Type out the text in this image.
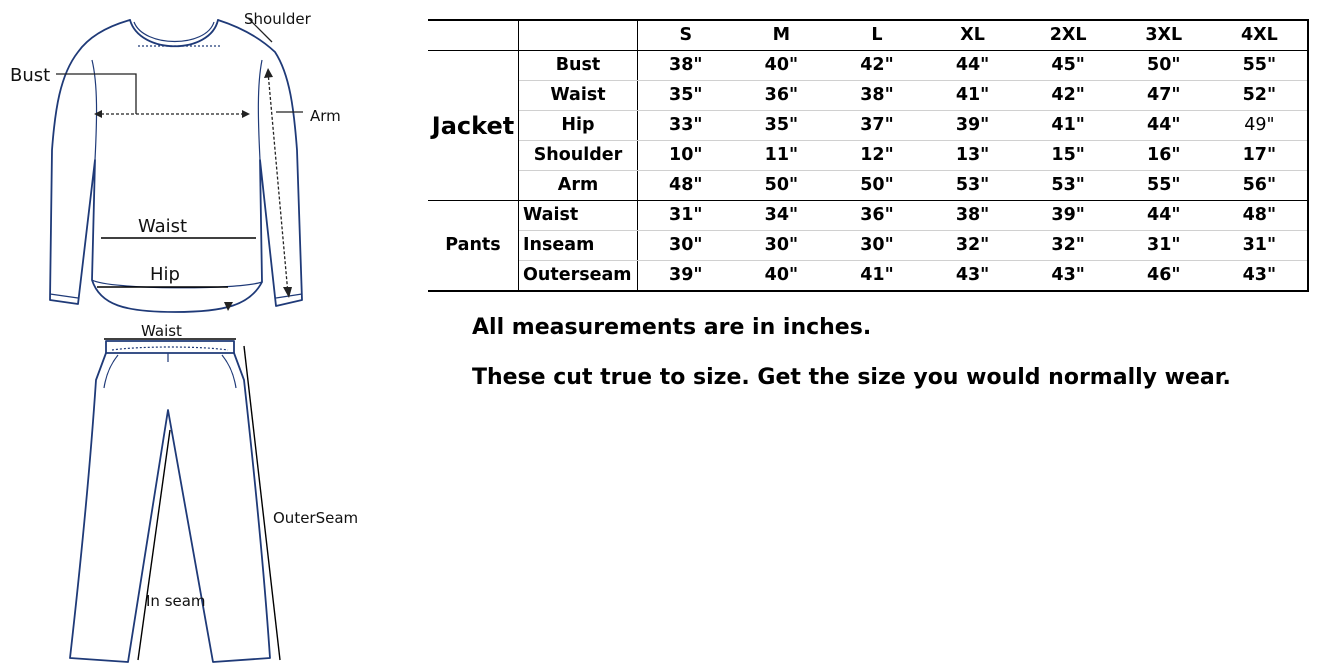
Shoulder
Bust
Arm
Waist
Hip
Waist
OuterSeam
In seam
		S	M	L	XL	2XL	3XL	4XL
Jacket	Bust	38"	40"	42"	44"	45"	50"	55"
	Waist	35"	36"	38"	41"	42"	47"	52"
	Hip	33"	35"	37"	39"	41"	44"	49"
	Shoulder	10"	11"	12"	13"	15"	16"	17"
	Arm	48"	50"	50"	53"	53"	55"	56"
Pants	Waist	31"	34"	36"	38"	39"	44"	48"
	Inseam	30"	30"	30"	32"	32"	31"	31"
	Outerseam	39"	40"	41"	43"	43"	46"	43"
All measurements are in inches.
These cut true to size. Get the size you would normally wear.
